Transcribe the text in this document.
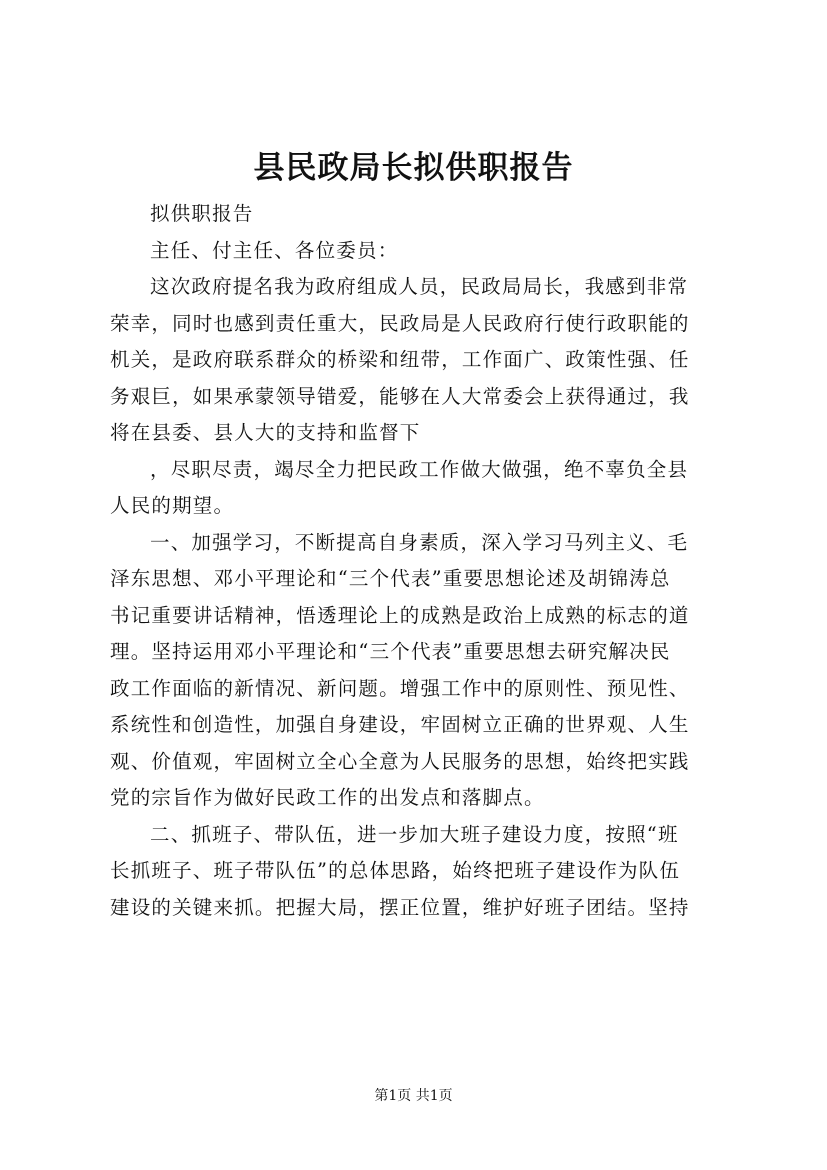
县民政局长拟供职报告
拟供职报告
主任、付主任、各位委员：
这次政府提名我为政府组成人员，民政局局长，我感到非常
荣幸，同时也感到责任重大，民政局是人民政府行使行政职能的
机关，是政府联系群众的桥梁和纽带，工作面广、政策性强、任
务艰巨，如果承蒙领导错爱，能够在人大常委会上获得通过，我
将在县委、县人大的支持和监督下
，尽职尽责，竭尽全力把民政工作做大做强，绝不辜负全县
人民的期望。
一、加强学习，不断提高自身素质，深入学习马列主义、毛
泽东思想、邓小平理论和“三个代表”重要思想论述及胡锦涛总
书记重要讲话精神，悟透理论上的成熟是政治上成熟的标志的道
理。坚持运用邓小平理论和“三个代表”重要思想去研究解决民
政工作面临的新情况、新问题。增强工作中的原则性、预见性、
系统性和创造性，加强自身建设，牢固树立正确的世界观、人生
观、价值观，牢固树立全心全意为人民服务的思想，始终把实践
党的宗旨作为做好民政工作的出发点和落脚点。
二、抓班子、带队伍，进一步加大班子建设力度，按照“班
长抓班子、班子带队伍”的总体思路，始终把班子建设作为队伍
建设的关键来抓。把握大局，摆正位置，维护好班子团结。坚持
第1页 共1页
